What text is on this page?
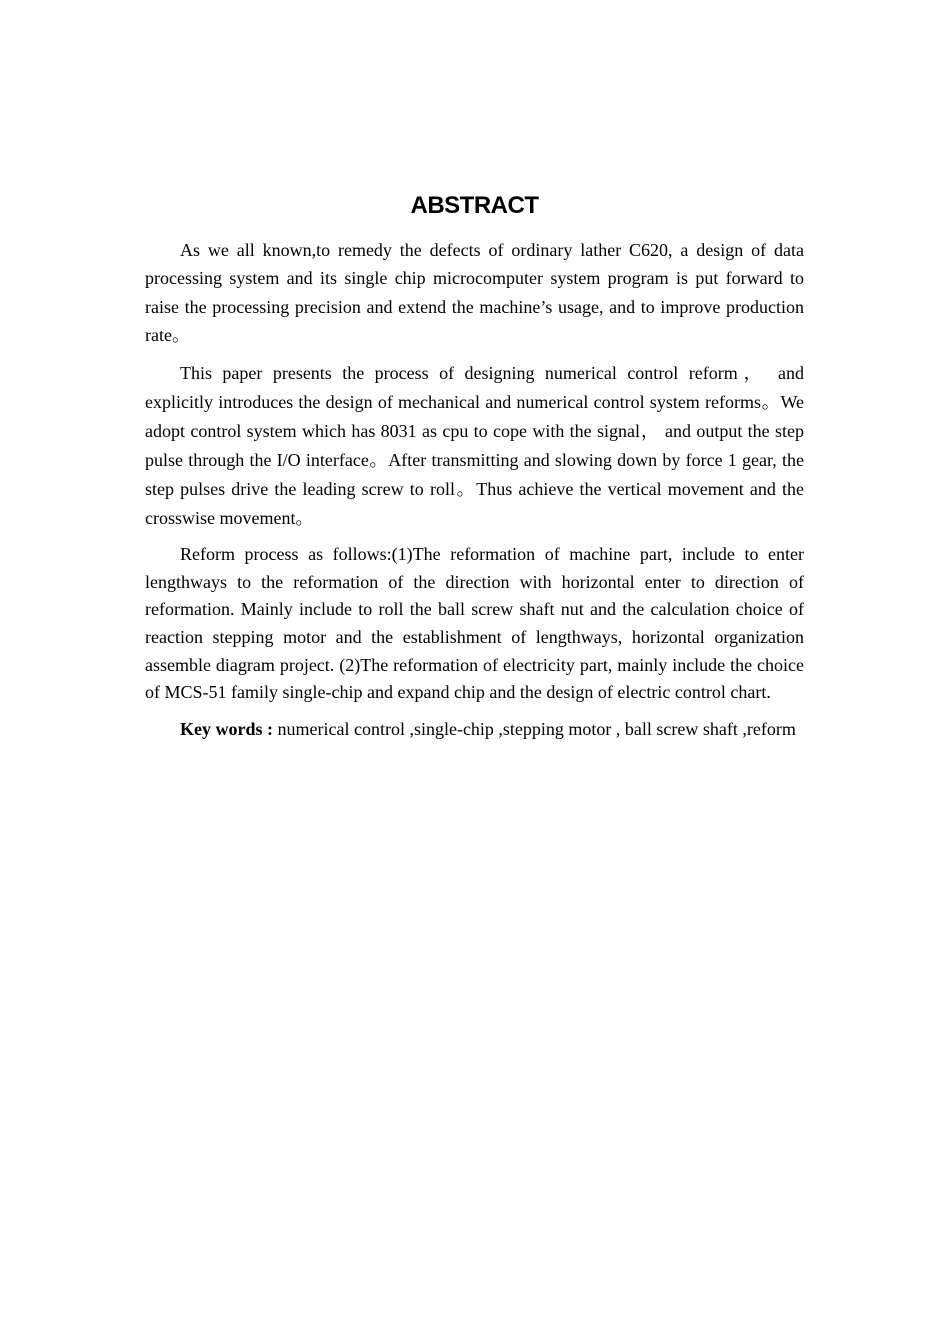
ABSTRACT

As we all known,to remedy the defects of ordinary lather C620, a design of data processing system and its single chip microcomputer system program is put forward to raise the processing precision and extend the machine’s usage, and to improve production rate。

This paper presents the process of designing numerical control reform， and explicitly introduces the design of mechanical and numerical control system reforms。We adopt control system which has 8031 as cpu to cope with the signal， and output the step pulse through the I/O interface。After transmitting and slowing down by force 1 gear, the step pulses drive the leading screw to roll。Thus achieve the vertical movement and the crosswise movement。

Reform process as follows:(1)The reformation of machine part, include to enter lengthways to the reformation of the direction with horizontal enter to direction of reformation. Mainly include to roll the ball screw shaft nut and the calculation choice of reaction stepping motor and the establishment of lengthways, horizontal organization assemble diagram project. (2)The reformation of electricity part, mainly include the choice of MCS-51 family single-chip and expand chip and the design of electric control chart.

Key words : numerical control ,single-chip ,stepping motor , ball screw shaft ,reform
